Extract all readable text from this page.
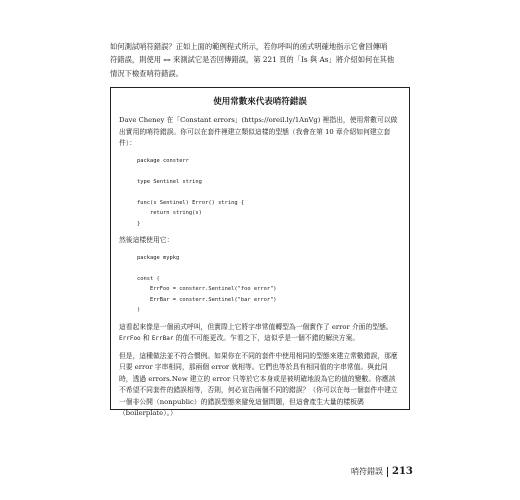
如何測試哨符錯誤？正如上面的範例程式所示，若你呼叫的函式明確地指示它會回傳哨
符錯誤，則使用 == 來測試它是否回傳錯誤，第 221 頁的「Is 與 As」將介紹如何在其他
情況下檢查哨符錯誤。

使用常數來代表哨符錯誤

Dave Cheney 在「Constant errors」(https://oreil.ly/1AnVg) 裡指出，使用常數可以做出實用的哨符錯誤。你可以在套件裡建立類似這樣的型態（我會在第 10 章介紹如何建立套件）：

package consterr

type Sentinel string

func(s Sentinel) Error() string {
return string(s)
}

然後這樣使用它：

package mypkg

const (
ErrFoo = consterr.Sentinel("foo error")
ErrBar = consterr.Sentinel("bar error")
)

這看起來像是一個函式呼叫，但實際上它將字串常值轉型為一個實作了 error 介面的型態。ErrFoo 和 ErrBar 的值不可能更改。乍看之下，這似乎是一個不錯的解決方案。

但是，這種做法並不符合慣例。如果你在不同的套件中使用相同的型態來建立常數錯誤，那麼只要 error 字串相同，那兩個 error 就相等。它們也等於具有相同值的字串常值。與此同時，透過 errors.New 建立的 error 只等於它本身或是被明確地設為它的值的變數。你應該不希望不同套件的錯誤相等，否則，何必宣告兩個不同的錯誤？（你可以在每一個套件中建立一個非公開（nonpublic）的錯誤型態來避免這個問題，但這會產生大量的樣板碼（boilerplate）。）

哨符錯誤 213
